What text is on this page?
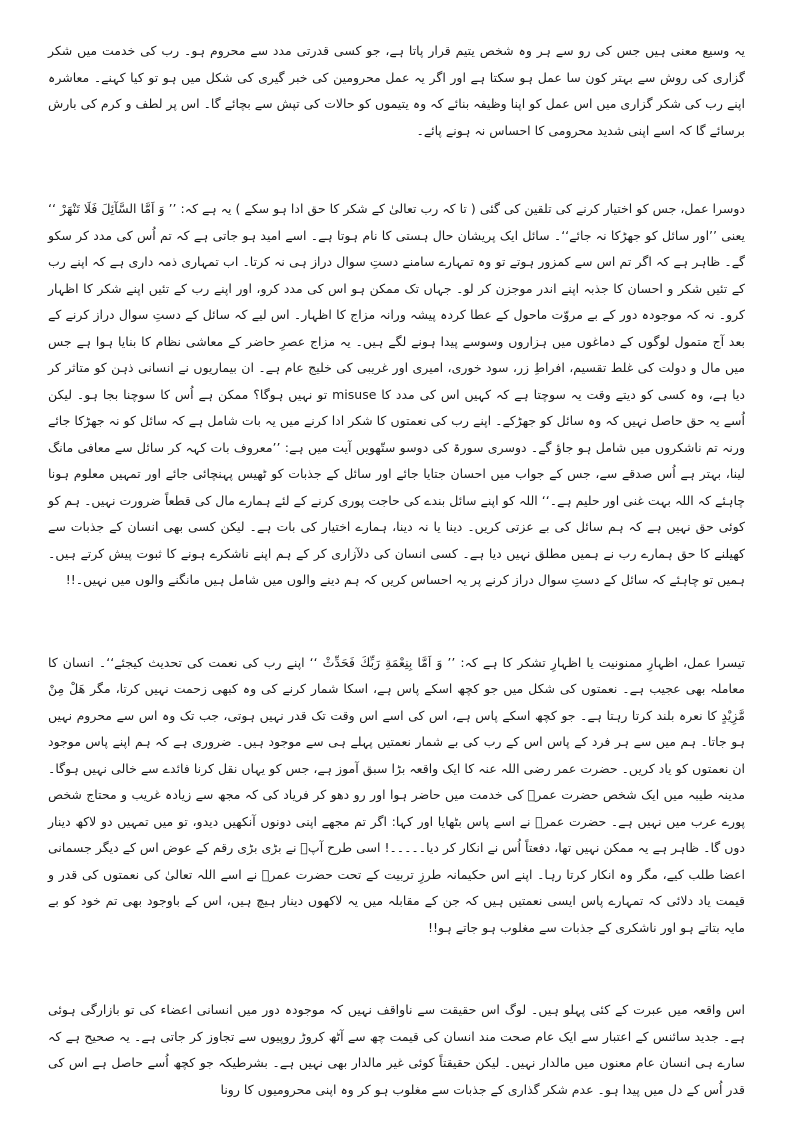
یہ وسیع معنی ہیں جس کی رو سے ہر وہ شخص یتیم قرار پاتا ہے، جو کسی قدرتی مدد سے محروم ہو۔ رب کی خدمت میں شکر گزاری کی روش سے بہتر کون سا عمل ہو سکتا ہے اور اگر یہ عمل محرومین کی خبر گیری کی شکل میں ہو تو کیا کہنے۔ معاشرہ اپنے رب کی شکر گزاری میں اس عمل کو اپنا وظیفہ بنائے کہ وہ یتیموں کو حالات کی تپش سے بچائے گا۔ اس پر لطف و کرم کی بارش برسائے گا کہ اسے اپنی شدید محرومی کا احساس نہ ہونے پائے۔

دوسرا عمل، جس کو اختیار کرنے کی تلقین کی گئی ( تا کہ رب تعالیٰ کے شکر کا حق ادا ہو سکے ) یہ ہے کہ: ’’ وَ اَمَّا السَّآئِلَ فَلَا تَنْهَرْ ‘‘ یعنی ’’اور سائل کو جھڑکا نہ جائے‘‘۔ سائل ایک پریشان حال ہستی کا نام ہوتا ہے۔ اسے امید ہو جاتی ہے کہ تم اُس کی مدد کر سکو گے۔ ظاہر ہے کہ اگر تم اس سے کمزور ہوتے تو وہ تمہارے سامنے دستِ سوال دراز ہی نہ کرتا۔ اب تمہاری ذمہ داری ہے کہ اپنے رب کے تئیں شکر و احسان کا جذبہ اپنے اندر موجزن کر لو۔ جہاں تک ممکن ہو اس کی مدد کرو، اور اپنے رب کے تئیں اپنے شکر کا اظہار کرو۔ نہ کہ موجودہ دور کے بے مروّت ماحول کے عطا کردہ پیشہ ورانہ مزاج کا اظہار۔ اس لیے کہ سائل کے دستِ سوال دراز کرنے کے بعد آج متمول لوگوں کے دماغوں میں ہزاروں وسوسے پیدا ہونے لگے ہیں۔ یہ مزاج عصرِ حاضر کے معاشی نظام کا بنایا ہوا ہے جس میں مال و دولت کی غلط تقسیم، افراطِ زر، سود خوری، امیری اور غریبی کی خلیج عام ہے۔ ان بیماریوں نے انسانی ذہن کو متاثر کر دیا ہے، وہ کسی کو دیتے وقت یہ سوچتا ہے کہ کہیں اس کی مدد کا misuse تو نہیں ہوگا؟ ممکن ہے اُس کا سوچنا بجا ہو۔ لیکن اُسے یہ حق حاصل نہیں کہ وہ سائل کو جھڑکے۔ اپنے رب کی نعمتوں کا شکر ادا کرنے میں یہ بات شامل ہے کہ سائل کو نہ جھڑکا جائے ورنہ تم ناشکروں میں شامل ہو جاؤ گے۔ دوسری سورۃ کی دوسو ستّھویں آیت میں ہے: ’’معروف بات کہہ کر سائل سے معافی مانگ لینا، بہتر ہے اُس صدقے سے، جس کے جواب میں احسان جتایا جائے اور سائل کے جذبات کو ٹھیس پہنچائی جائے اور تمہیں معلوم ہونا چاہئے کہ اللہ بہت غنی اور حلیم ہے۔‘‘ اللہ کو اپنے سائل بندے کی حاجت پوری کرنے کے لئے ہمارے مال کی قطعاً ضرورت نہیں۔ ہم کو کوئی حق نہیں ہے کہ ہم سائل کی بے عزتی کریں۔ دینا یا نہ دینا، ہمارے اختیار کی بات ہے۔ لیکن کسی بھی انسان کے جذبات سے کھیلنے کا حق ہمارے رب نے ہمیں مطلق نہیں دیا ہے۔ کسی انسان کی دلآزاری کر کے ہم اپنے ناشکرے ہونے کا ثبوت پیش کرتے ہیں۔ ہمیں تو چاہئے کہ سائل کے دستِ سوال دراز کرنے پر یہ احساس کریں کہ ہم دینے والوں میں شامل ہیں مانگنے والوں میں نہیں۔!!

تیسرا عمل، اظہارِ ممنونیت یا اظہارِ تشکر کا ہے کہ: ’’ وَ اَمَّا بِنِعْمَةِ رَبِّكَ فَحَدِّثْ ‘‘ اپنے رب کی نعمت کی تحدیث کیجئے‘‘۔ انسان کا معاملہ بھی عجیب ہے۔ نعمتوں کی شکل میں جو کچھ اسکے پاس ہے، اسکا شمار کرنے کی وہ کبھی زحمت نہیں کرتا، مگر هَلْ مِنْ مَّزِيْدٍ کا نعرہ بلند کرتا رہتا ہے۔ جو کچھ اسکے پاس ہے، اس کی اسے اس وقت تک قدر نہیں ہوتی، جب تک وہ اس سے محروم نہیں ہو جاتا۔ ہم میں سے ہر فرد کے پاس اس کے رب کی بے شمار نعمتیں پہلے ہی سے موجود ہیں۔ ضروری ہے کہ ہم اپنے پاس موجود ان نعمتوں کو یاد کریں۔ حضرت عمر رضی اللہ عنہ کا ایک واقعہ بڑا سبق آموز ہے، جس کو یہاں نقل کرنا فائدے سے خالی نہیں ہوگا۔ مدینہ طیبہ میں ایک شخص حضرت عمرؓ کی خدمت میں حاضر ہوا اور رو دھو کر فریاد کی کہ مجھ سے زیادہ غریب و محتاج شخص پورے عرب میں نہیں ہے۔ حضرت عمرؓ نے اسے پاس بٹھایا اور کہا: اگر تم مجھے اپنی دونوں آنکھیں دیدو، تو میں تمہیں دو لاکھ دینار دوں گا۔ ظاہر ہے یہ ممکن نہیں تھا، دفعتاً اُس نے انکار کر دیا۔۔۔۔۔! اسی طرح آپؓ نے بڑی بڑی رقم کے عوض اس کے دیگر جسمانی اعضا طلب کیے، مگر وہ انکار کرتا رہا۔ اپنے اس حکیمانہ طرزِ تربیت کے تحت حضرت عمرؓ نے اسے اللہ تعالیٰ کی نعمتوں کی قدر و قیمت یاد دلائی کہ تمہارے پاس ایسی نعمتیں ہیں کہ جن کے مقابلہ میں یہ لاکھوں دینار ہیچ ہیں، اس کے باوجود بھی تم خود کو بے مایہ بتاتے ہو اور ناشکری کے جذبات سے مغلوب ہو جاتے ہو!!

اس واقعہ میں عبرت کے کئی پہلو ہیں۔ لوگ اس حقیقت سے ناواقف نہیں کہ موجودہ دور میں انسانی اعضاء کی تو بازارگی ہوئی ہے۔ جدید سائنس کے اعتبار سے ایک عام صحت مند انسان کی قیمت چھ سے آٹھ کروڑ روپیوں سے تجاوز کر جاتی ہے۔ یہ صحیح ہے کہ سارے ہی انسان عام معنوں میں مالدار نہیں۔ لیکن حقیقتاً کوئی غیر مالدار بھی نہیں ہے۔ بشرطیکہ جو کچھ اُسے حاصل ہے اس کی قدر اُس کے دل میں پیدا ہو۔ عدم شکر گذاری کے جذبات سے مغلوب ہو کر وہ اپنی محرومیوں کا رونا
